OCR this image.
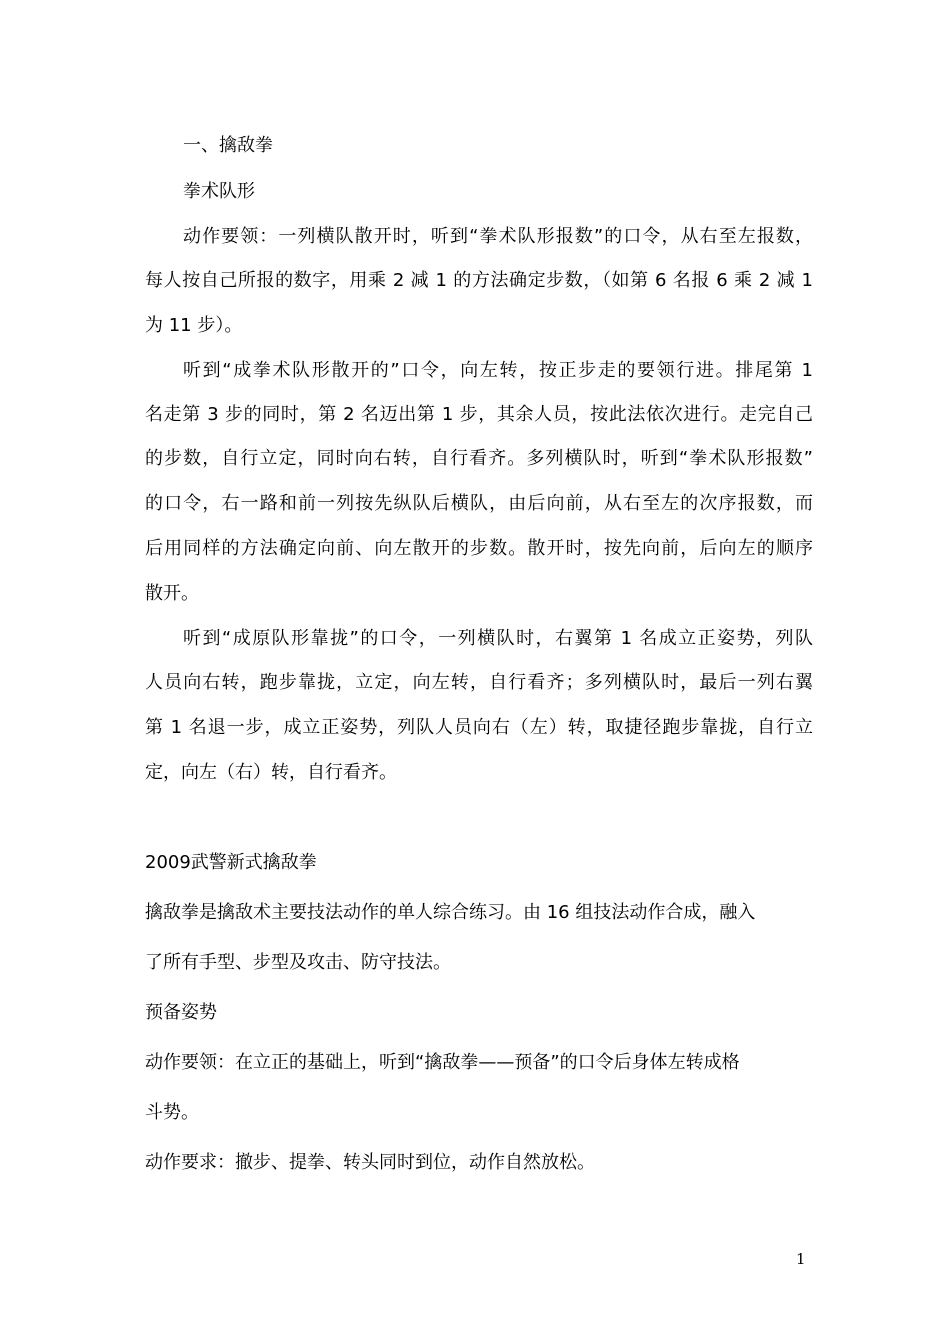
一、擒敌拳

拳术队形

动作要领：一列横队散开时，听到“拳术队形报数”的口令，从右至左报数，

每人按自己所报的数字，用乘 2 减 1 的方法确定步数，（如第 6 名报 6 乘 2 减 1

为 11 步）。

听到“成拳术队形散开的”口令，向左转，按正步走的要领行进。排尾第 1

名走第 3 步的同时，第 2 名迈出第 1 步，其余人员，按此法依次进行。走完自己

的步数，自行立定，同时向右转，自行看齐。多列横队时，听到“拳术队形报数”

的口令，右一路和前一列按先纵队后横队，由后向前，从右至左的次序报数，而

后用同样的方法确定向前、向左散开的步数。散开时，按先向前，后向左的顺序

散开。

听到“成原队形靠拢”的口令，一列横队时，右翼第 1 名成立正姿势，列队

人员向右转，跑步靠拢，立定，向左转，自行看齐；多列横队时，最后一列右翼

第 1 名退一步，成立正姿势，列队人员向右（左）转，取捷径跑步靠拢，自行立

定，向左（右）转，自行看齐。

2009武警新式擒敌拳

擒敌拳是擒敌术主要技法动作的单人综合练习。由 16 组技法动作合成，融入

了所有手型、步型及攻击、防守技法。

预备姿势

动作要领：在立正的基础上，听到“擒敌拳——预备”的口令后身体左转成格

斗势。

动作要求：撤步、提拳、转头同时到位，动作自然放松。

1
